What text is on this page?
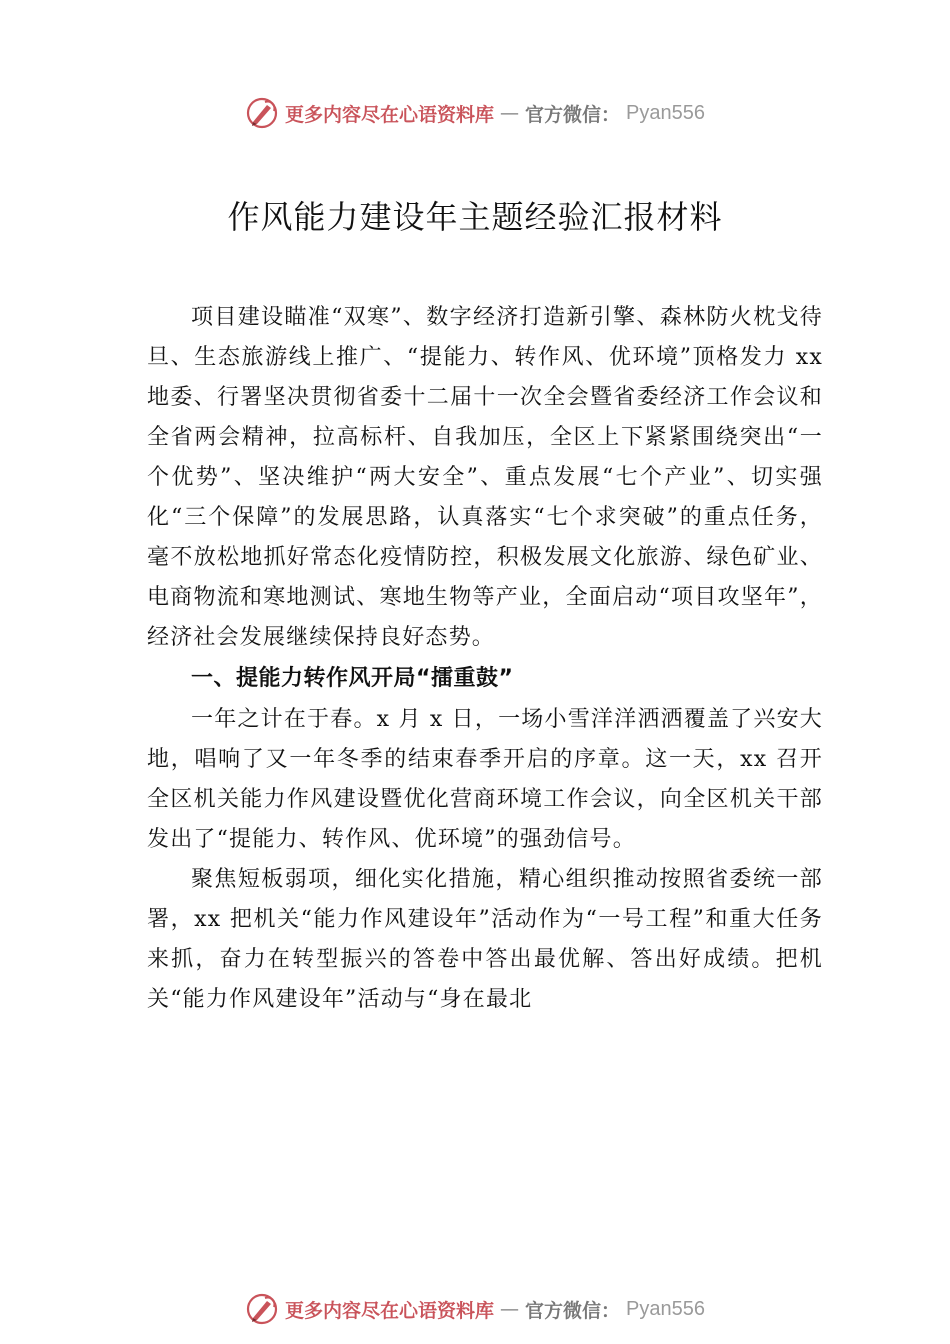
更多内容尽在心语资料库 — 官方微信： Pyan556
作风能力建设年主题经验汇报材料

项目建设瞄准“双寒”、数字经济打造新引擎、森林防火枕戈待旦、生态旅游线上推广、“提能力、转作风、优环境”顶格发力 xx 地委、行署坚决贯彻省委十二届十一次全会暨省委经济工作会议和全省两会精神，拉高标杆、自我加压，全区上下紧紧围绕突出“一个优势”、坚决维护“两大安全”、重点发展“七个产业”、切实强化“三个保障”的发展思路，认真落实“七个求突破”的重点任务，毫不放松地抓好常态化疫情防控，积极发展文化旅游、绿色矿业、电商物流和寒地测试、寒地生物等产业，全面启动“项目攻坚年”，经济社会发展继续保持良好态势。

一、提能力转作风开局“擂重鼓”

一年之计在于春。x 月 x 日，一场小雪洋洋洒洒覆盖了兴安大地，唱响了又一年冬季的结束春季开启的序章。这一天，xx 召开全区机关能力作风建设暨优化营商环境工作会议，向全区机关干部发出了“提能力、转作风、优环境”的强劲信号。

聚焦短板弱项，细化实化措施，精心组织推动按照省委统一部署，xx 把机关“能力作风建设年”活动作为“一号工程”和重大任务来抓，奋力在转型振兴的答卷中答出最优解、答出好成绩。把机关“能力作风建设年”活动与“身在最北

更多内容尽在心语资料库 — 官方微信： Pyan556
